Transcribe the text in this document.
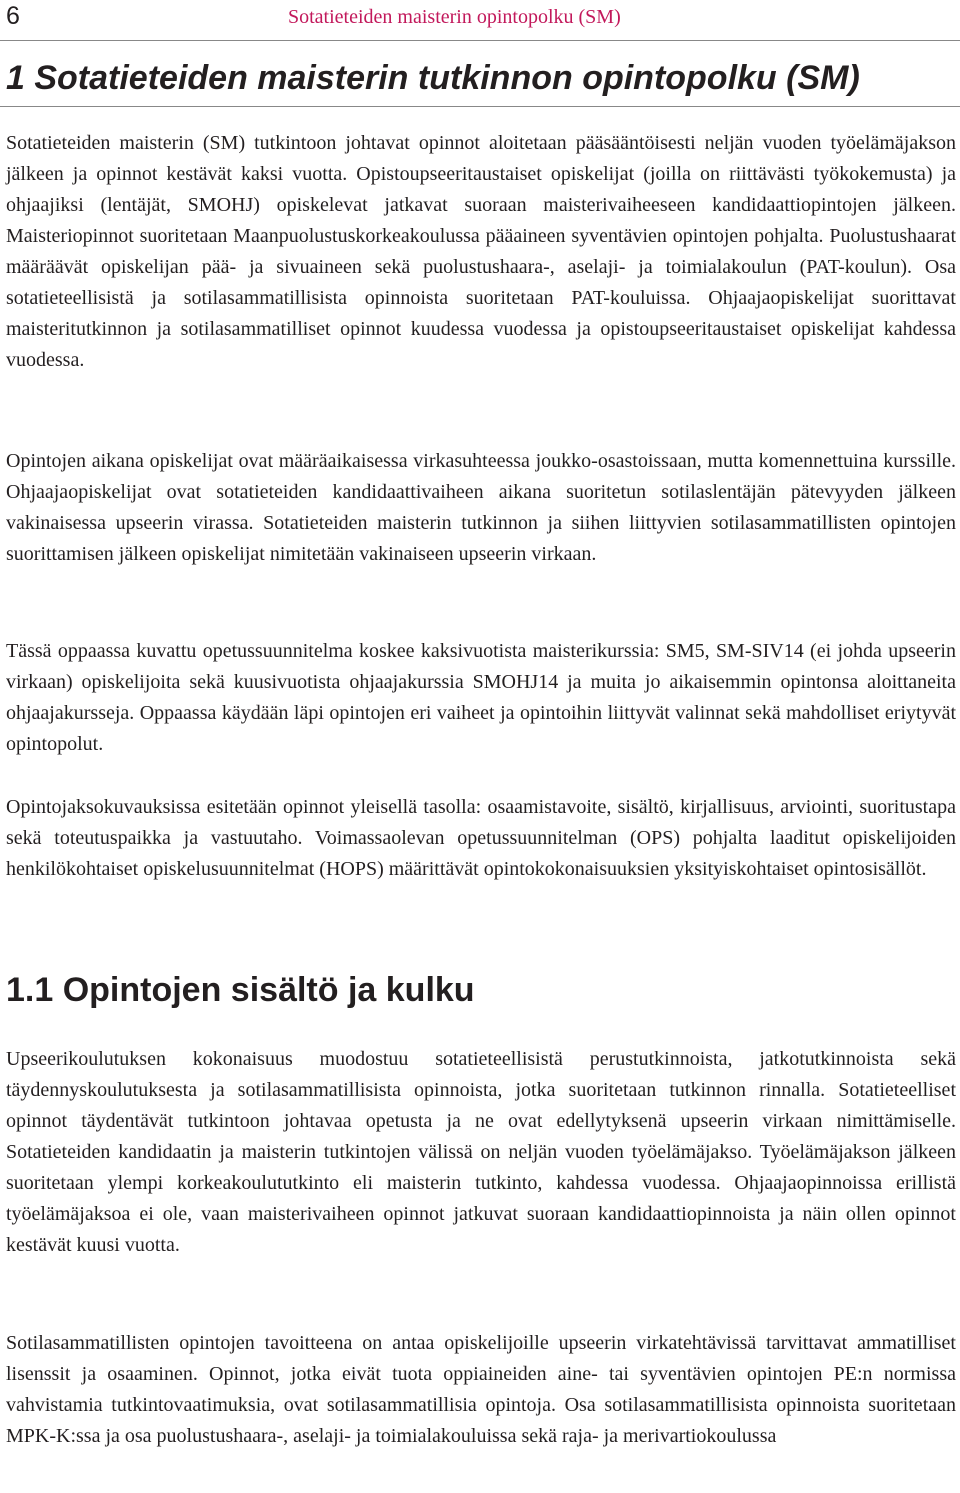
6	Sotatieteiden maisterin opintopolku (SM)
1 Sotatieteiden maisterin tutkinnon opintopolku (SM)

Sotatieteiden maisterin (SM) tutkintoon johtavat opinnot aloitetaan pääsääntöisesti neljän vuoden työelämäjakson jälkeen ja opinnot kestävät kaksi vuotta. Opistoupseeritaustaiset opiskelijat (joilla on riittävästi työkokemusta) ja ohjaajiksi (lentäjät, SMOHJ) opiskelevat jatkavat suoraan maisterivaiheeseen kandidaattiopintojen jälkeen. Maisteriopinnot suoritetaan Maanpuolustuskorkeakoulussa pääaineen syventävien opintojen pohjalta. Puolustushaarat määräävät opiskelijan pää- ja sivuaineen sekä puolustushaara-, aselaji- ja toimialakoulun (PAT-koulun). Osa sotatieteellisistä ja sotilasammatillisista opinnoista suoritetaan PAT-kouluissa. Ohjaajaopiskelijat suorittavat maisteritutkinnon ja sotilasammatilliset opinnot kuudessa vuodessa ja opistoupseeritaustaiset opiskelijat kahdessa vuodessa.

Opintojen aikana opiskelijat ovat määräaikaisessa virkasuhteessa joukko-osastoissaan, mutta komennettuina kurssille. Ohjaajaopiskelijat ovat sotatieteiden kandidaattivaiheen aikana suoritetun sotilaslentäjän pätevyyden jälkeen vakinaisessa upseerin virassa. Sotatieteiden maisterin tutkinnon ja siihen liittyvien sotilasammatillisten opintojen suorittamisen jälkeen opiskelijat nimitetään vakinaiseen upseerin virkaan.

Tässä oppaassa kuvattu opetussuunnitelma koskee kaksivuotista maisterikurssia: SM5, SM-SIV14 (ei johda upseerin virkaan) opiskelijoita sekä kuusivuotista ohjaajakurssia SMOHJ14 ja muita jo aikaisemmin opintonsa aloittaneita ohjaajakursseja. Oppaassa käydään läpi opintojen eri vaiheet ja opintoihin liittyvät valinnat sekä mahdolliset eriytyvät opintopolut.

Opintojaksokuvauksissa esitetään opinnot yleisellä tasolla: osaamistavoite, sisältö, kirjallisuus, arviointi, suoritustapa sekä toteutuspaikka ja vastuutaho. Voimassaolevan opetussuunnitelman (OPS) pohjalta laaditut opiskelijoiden henkilökohtaiset opiskelusuunnitelmat (HOPS) määrittävät opintokokonaisuuksien yksityiskohtaiset opintosisällöt.

1.1 Opintojen sisältö ja kulku

Upseerikoulutuksen kokonaisuus muodostuu sotatieteellisistä perustutkinnoista, jatkotutkinnoista sekä täydennyskoulutuksesta ja sotilasammatillisista opinnoista, jotka suoritetaan tutkinnon rinnalla. Sotatieteelliset opinnot täydentävät tutkintoon johtavaa opetusta ja ne ovat edellytyksenä upseerin virkaan nimittämiselle. Sotatieteiden kandidaatin ja maisterin tutkintojen välissä on neljän vuoden työelämäjakso. Työelämäjakson jälkeen suoritetaan ylempi korkeakoulututkinto eli maisterin tutkinto, kahdessa vuodessa. Ohjaajaopinnoissa erillistä työelämäjaksoa ei ole, vaan maisterivaiheen opinnot jatkuvat suoraan kandidaattiopinnoista ja näin ollen opinnot kestävät kuusi vuotta.

Sotilasammatillisten opintojen tavoitteena on antaa opiskelijoille upseerin virkatehtävissä tarvittavat ammatilliset lisenssit ja osaaminen. Opinnot, jotka eivät tuota oppiaineiden aine- tai syventävien opintojen PE:n normissa vahvistamia tutkintovaatimuksia, ovat sotilasammatillisia opintoja. Osa sotilasammatillisista opinnoista suoritetaan MPK-K:ssa ja osa puolustushaara-, aselaji- ja toimialakouluissa sekä raja- ja merivartiokoulussa
